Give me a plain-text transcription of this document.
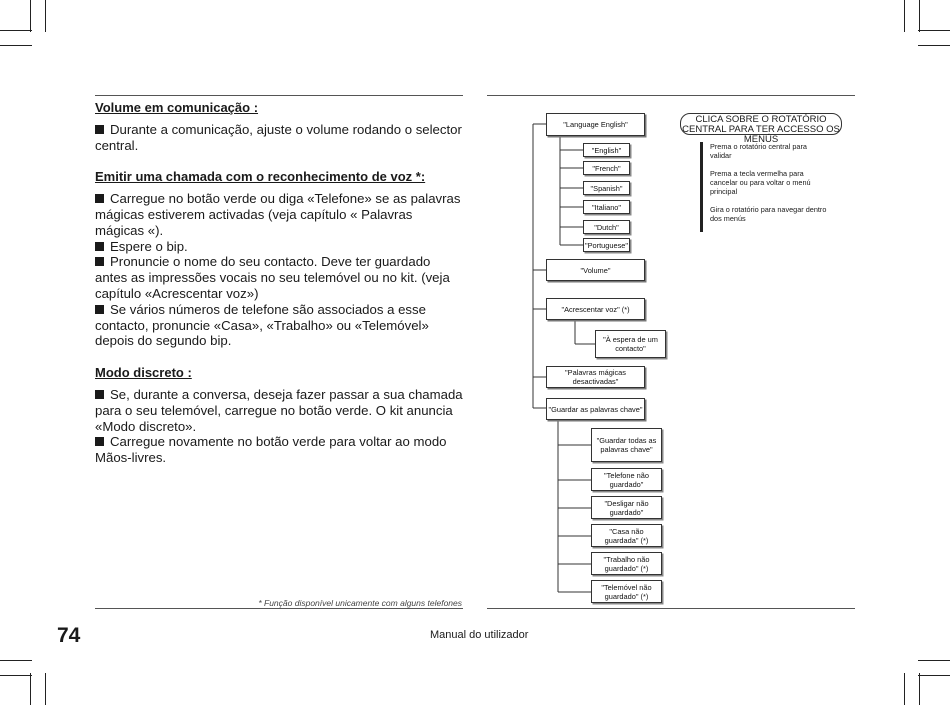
Volume em comunicação :

Durante a comunicação, ajuste o volume rodando o selector central.

Emitir uma chamada com o reconhecimento de voz *:

Carregue no botão verde ou diga «Telefone» se as palavras mágicas estiverem activadas (veja capítulo « Palavras mágicas «).

Espere o bip.

Pronuncie o nome do seu contacto. Deve ter guardado antes as impressões vocais no seu telemóvel ou no kit. (veja capítulo «Acrescentar voz»)

Se vários números de telefone são associados a esse contacto, pronuncie «Casa», «Trabalho» ou «Telemóvel» depois do segundo bip.

Modo discreto :

Se, durante a conversa, deseja fazer passar a sua chamada para o seu telemóvel, carregue no botão verde. O kit anuncia «Modo discreto».

Carregue novamente no botão verde para voltar ao modo Mãos-livres.

* Função disponível unicamente com alguns telefones
74	Manual do utilizador
"Language English"
"English"
"French"
"Spanish"
"Italiano"
"Dutch"
"Portuguese"
"Volume"
"Acrescentar voz" (*)
"À espera de um contacto"
"Palavras mágicas desactivadas"
"Guardar as palavras chave"
"Guardar todas as palavras chave"
"Telefone não guardado"
"Desligar não guardado"
"Casa não guardada" (*)
"Trabalho não guardado" (*)
"Telemóvel não guardado" (*)
CLICA SOBRE O ROTATÓRIO CENTRAL PARA TER ACCESSO OS MENÚS

Prema o rotatório central para validar

Prema a tecla vermelha para cancelar ou para voltar o menú principal

Gira o rotatório para navegar dentro dos menús
